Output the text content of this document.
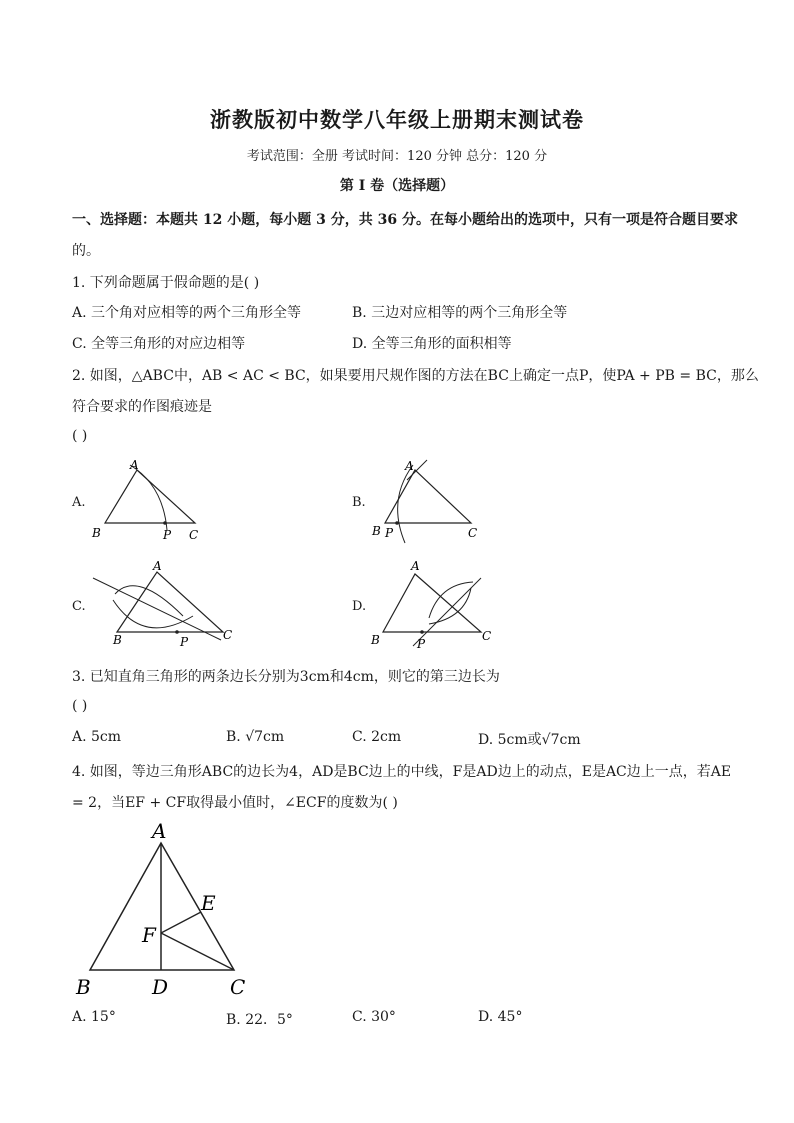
浙教版初中数学八年级上册期末测试卷
考试范围：全册 考试时间：120 分钟 总分：120 分
第 I 卷（选择题）
一、选择题：本题共 12 小题，每小题 3 分，共 36 分。在每小题给出的选项中，只有一项是符合题目要求
的。
1. 下列命题属于假命题的是( )
A. 三个角对应相等的两个三角形全等	B. 三边对应相等的两个三角形全等
C. 全等三角形的对应边相等	D. 全等三角形的面积相等
2. 如图，△ABC中，AB < AC < BC，如果要用尺规作图的方法在BC上确定一点P，使PA + PB = BC，那么
符合要求的作图痕迹是
( )
A.
A
B	C
P
B.
A
B	C
P
C.
A
B	C
P
D.
A
B	C
P
3. 已知直角三角形的两条边长分别为3cm和4cm，则它的第三边长为
( )
A. 5cm	B. √7cm	C. 2cm	D. 5cm或√7cm
4. 如图，等边三角形ABC的边长为4，AD是BC边上的中线，F是AD边上的动点，E是AC边上一点，若AE
= 2，当EF + CF取得最小值时，∠ECF的度数为( )
A
B	D	C
E
F
A. 15°	B. 22．5°	C. 30°	D. 45°
